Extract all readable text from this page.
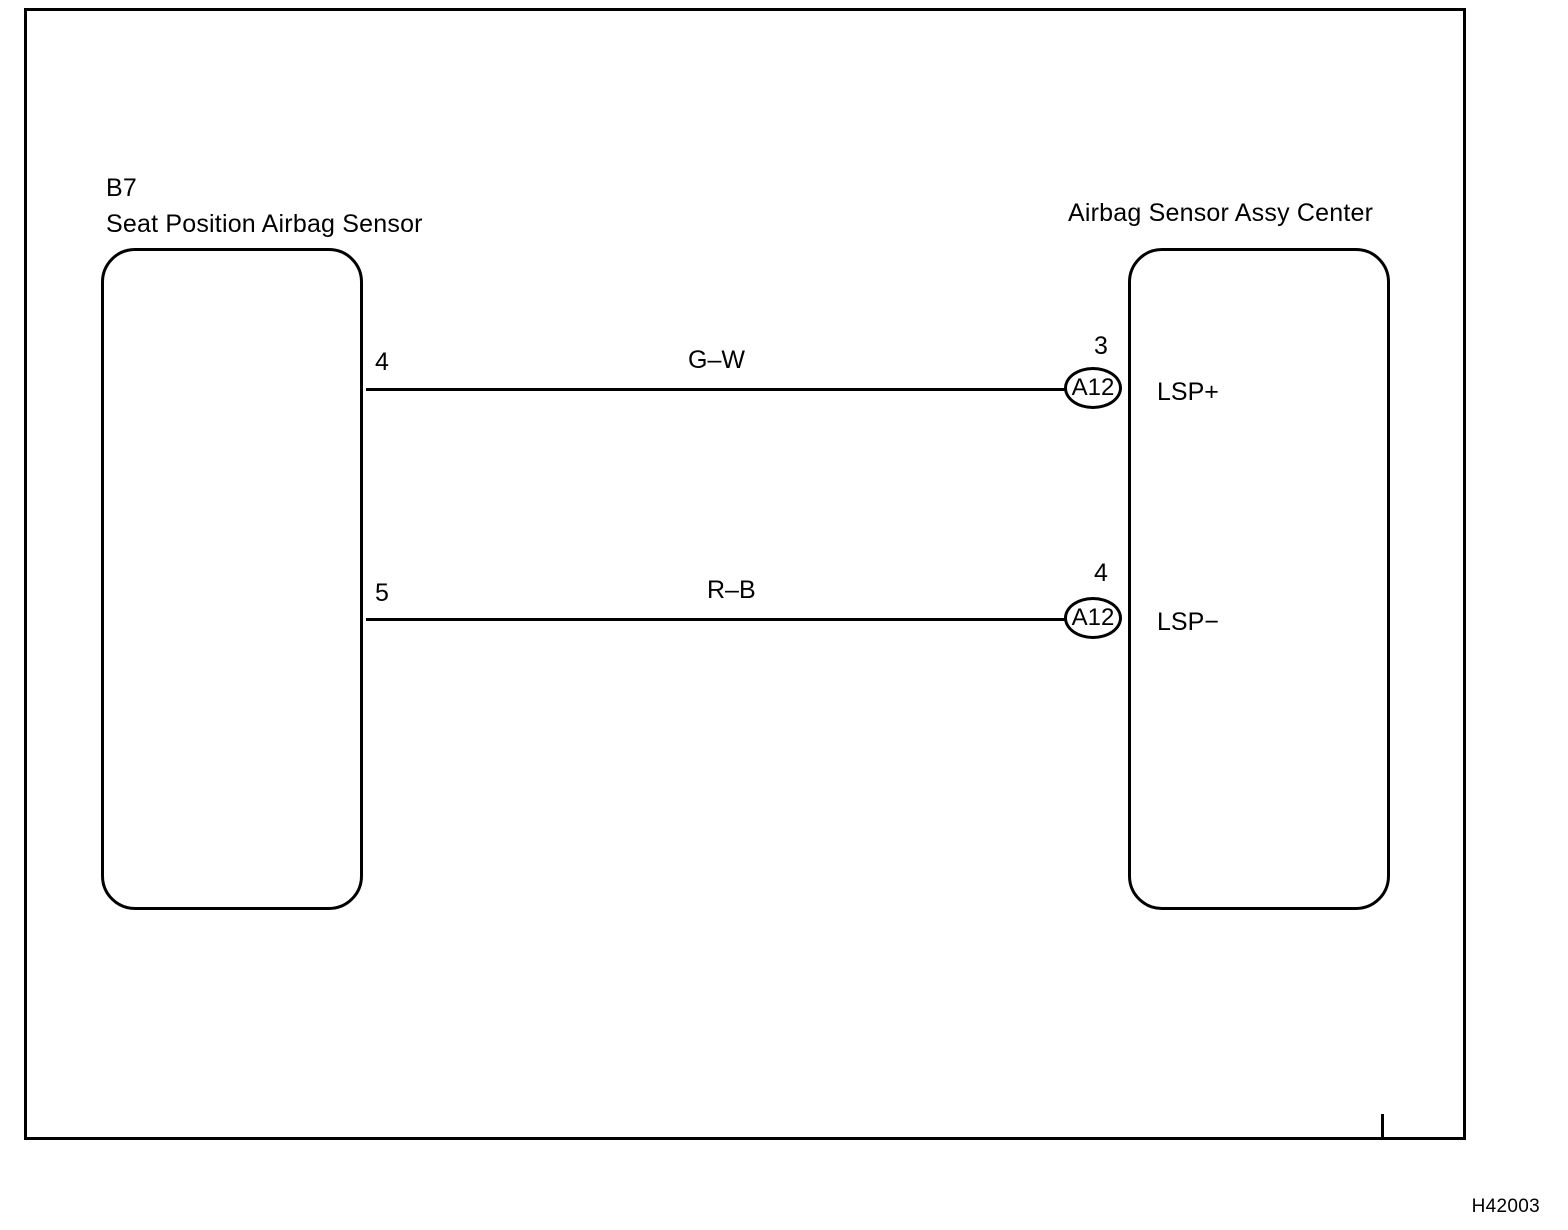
B7
Seat Position Airbag Sensor	Airbag Sensor Assy Center
G–W
4
3
A12	LSP+
R–B
5
4
A12	LSP−
H42003
